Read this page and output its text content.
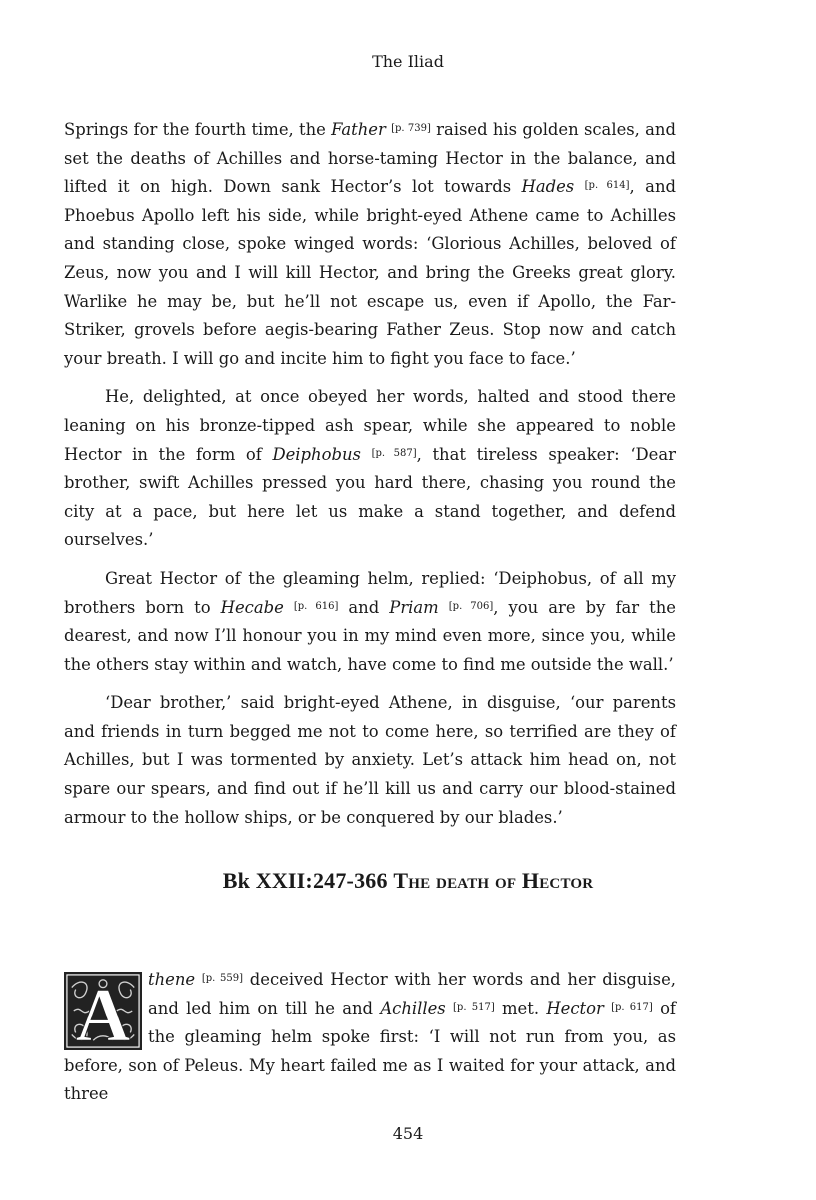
The Iliad

Springs for the fourth time, the Father [p. 739] raised his golden scales, and set the deaths of Achilles and horse-taming Hector in the balance, and lifted it on high. Down sank Hector’s lot towards Hades [p. 614], and Phoebus Apollo left his side, while bright-eyed Athene came to Achilles and standing close, spoke winged words: ‘Glorious Achilles, beloved of Zeus, now you and I will kill Hector, and bring the Greeks great glory. Warlike he may be, but he’ll not escape us, even if Apollo, the Far-Striker, grovels before aegis-bearing Father Zeus. Stop now and catch your breath. I will go and incite him to fight you face to face.’

He, delighted, at once obeyed her words, halted and stood there leaning on his bronze-tipped ash spear, while she appeared to noble Hector in the form of Deiphobus [p. 587], that tireless speaker: ‘Dear brother, swift Achilles pressed you hard there, chasing you round the city at a pace, but here let us make a stand together, and defend ourselves.’

Great Hector of the gleaming helm, replied: ‘Deiphobus, of all my brothers born to Hecabe [p. 616] and Priam [p. 706], you are by far the dearest, and now I’ll honour you in my mind even more, since you, while the others stay within and watch, have come to find me outside the wall.’

‘Dear brother,’ said bright-eyed Athene, in disguise, ‘our parents and friends in turn begged me not to come here, so terrified are they of Achilles, but I was tormented by anxiety. Let’s attack him head on, not spare our spears, and find out if he’ll kill us and carry our blood-stained armour to the hollow ships, or be conquered by our blades.’

Bk XXII:247-366 The death of Hector

A thene [p. 559] deceived Hector with her words and her disguise, and led him on till he and Achilles [p. 517] met. Hector [p. 617] of the gleaming helm spoke first: ‘I will not run from you, as before, son of Peleus. My heart failed me as I waited for your attack, and three

454
